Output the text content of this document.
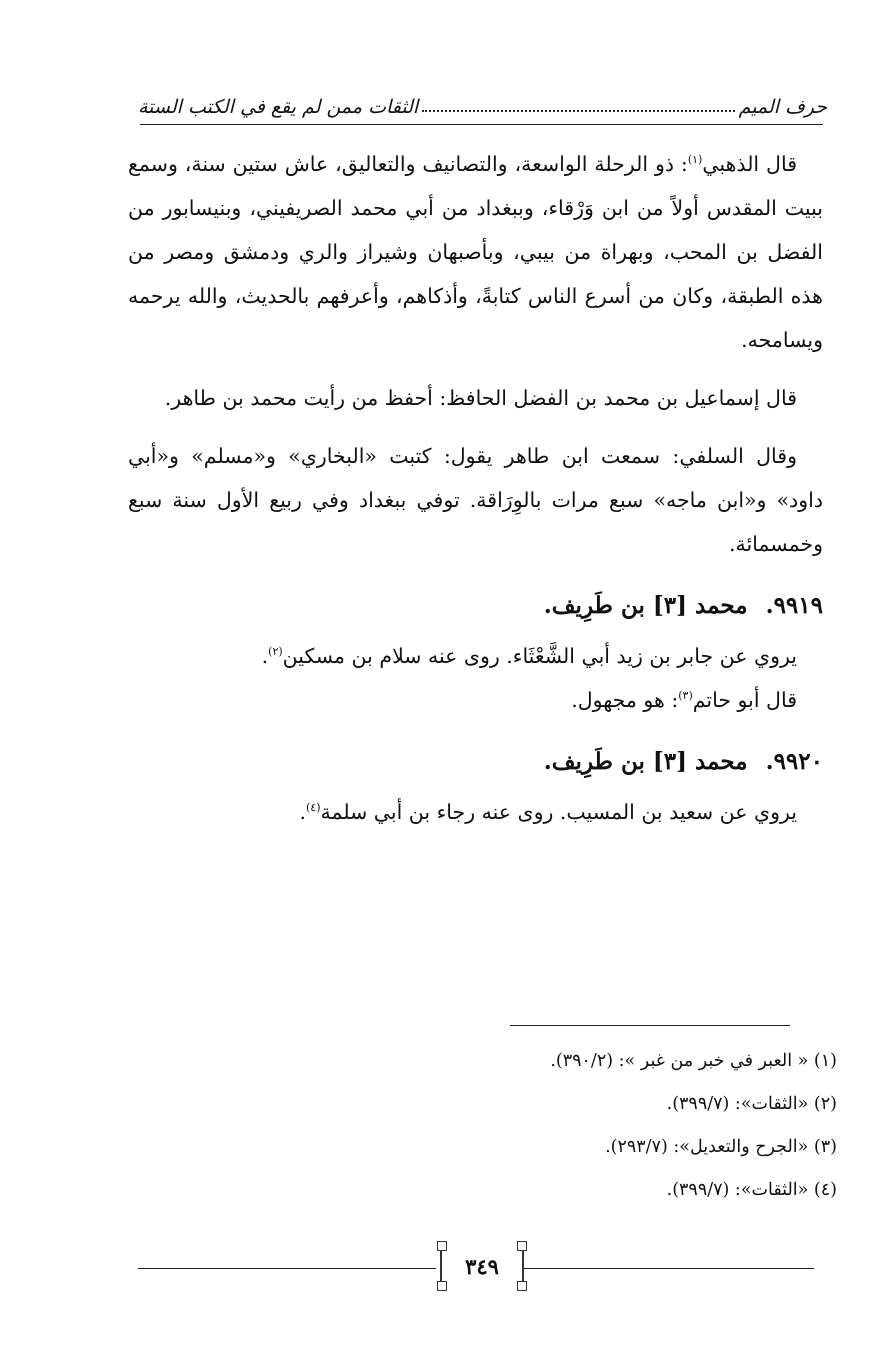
حرف الميم
الثقات ممن لم يقع في الكتب الستة

قال الذهبي$^{(١)}$: ذو الرحلة الواسعة، والتصانيف والتعاليق، عاش ستين سنة، وسمع ببيت المقدس أولاً من ابن وَرْقاء، وببغداد من أبي محمد الصريفيني، وبنيسابور من الفضل بن المحب، وبهراة من بيبي، وبأصبهان وشيراز والري ودمشق ومصر من هذه الطبقة، وكان من أسرع الناس كتابةً، وأذكاهم، وأعرفهم بالحديث، والله يرحمه ويسامحه.

قال إسماعيل بن محمد بن الفضل الحافظ: أحفظ من رأيت محمد بن طاهر.

وقال السلفي: سمعت ابن طاهر يقول: كتبت «البخاري» و«مسلم» و«أبي داود» و«ابن ماجه» سبع مرات بالوِرَاقة. توفي ببغداد وفي ربيع الأول سنة سبع وخمسمائة.

٩٩١٩.محمد [٣] بن طَرِيف.

يروي عن جابر بن زيد أبي الشَّعْثَاء. روى عنه سلام بن مسكين$^{(٢)}$.

قال أبو حاتم$^{(٣)}$: هو مجهول.

٩٩٢٠.محمد [٣] بن طَرِيف.

يروي عن سعيد بن المسيب. روى عنه رجاء بن أبي سلمة$^{(٤)}$.

(١) « العبر في خبر من غبر »: (٣٩٠/٢).

(٢) «الثقات»: (٣٩٩/٧).

(٣) «الجرح والتعديل»: (٢٩٣/٧).

(٤) «الثقات»: (٣٩٩/٧).

٣٤٩
